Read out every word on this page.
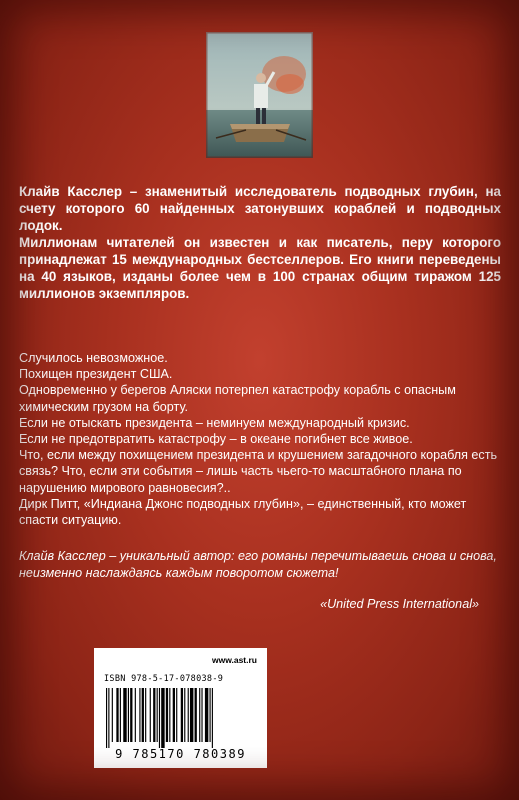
Клайв Касслер – знаменитый исследователь подводных глубин, на счету которого 60 найденных затонувших кораблей и подводных лодок.

Миллионам читателей он известен и как писатель, перу которого принадлежат 15 международных бестселлеров. Его книги переведены на 40 языков, изданы более чем в 100 странах общим тиражом 125 миллионов экземпляров.

Случилось невозможное.

Похищен президент США.

Одновременно у берегов Аляски потерпел катастрофу корабль с опасным химическим грузом на борту.

Если не отыскать президента – неминуем международный кризис.

Если не предотвратить катастрофу – в океане погибнет все живое.

Что, если между похищением президента и крушением загадочного корабля есть связь? Что, если эти события – лишь часть чьего-то масштабного плана по нарушению мирового равновесия?..

Дирк Питт, «Индиана Джонс подводных глубин», – единственный, кто может спасти ситуацию.

Клайв Касслер – уникальный автор: его романы перечитываешь снова и снова, неизменно наслаждаясь каждым поворотом сюжета!

«United Press International»
www.ast.ru
ISBN 978-5-17-078038-9
9 785170 780389
